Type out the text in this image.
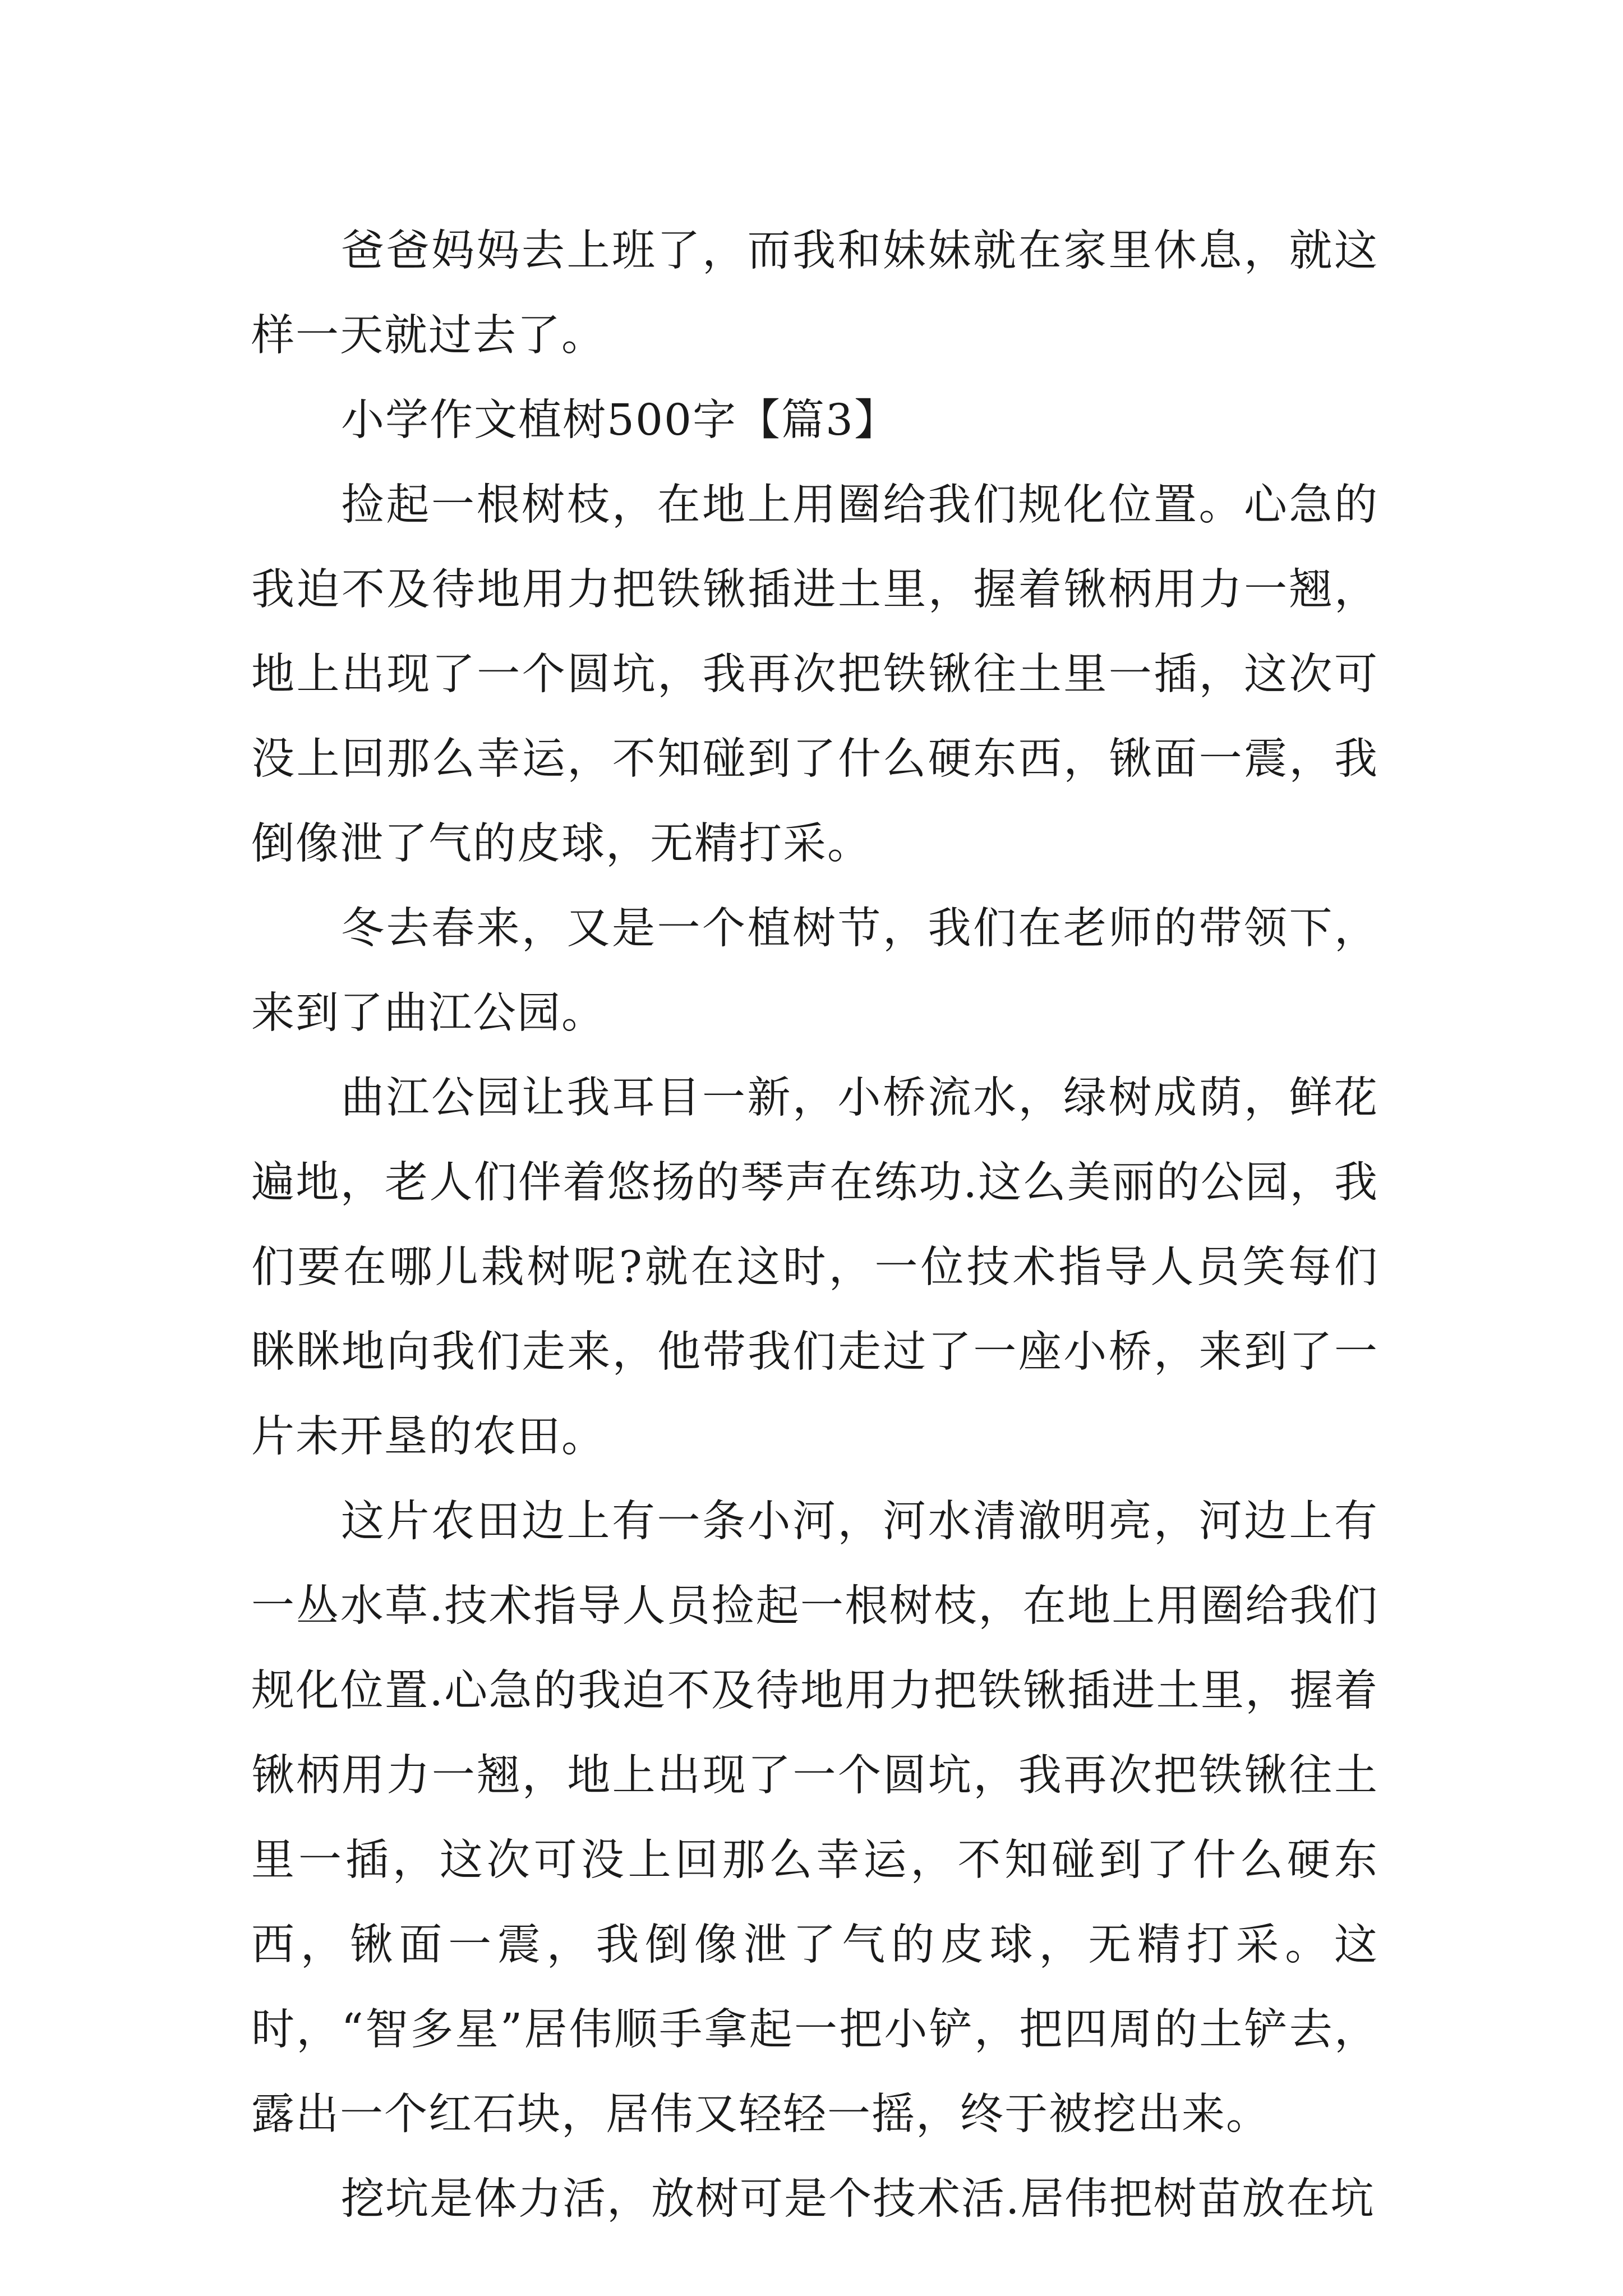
爸爸妈妈去上班了，而我和妹妹就在家里休息，就这样一天就过去了。

小学作文植树500字【篇3】

捡起一根树枝，在地上用圈给我们规化位置。心急的我迫不及待地用力把铁锹插进土里，握着锹柄用力一翘，地上出现了一个圆坑，我再次把铁锹往土里一插，这次可没上回那么幸运，不知碰到了什么硬东西，锹面一震，我倒像泄了气的皮球，无精打采。

冬去春来，又是一个植树节，我们在老师的带领下，来到了曲江公园。

曲江公园让我耳目一新，小桥流水，绿树成荫，鲜花遍地，老人们伴着悠扬的琴声在练功.这么美丽的公园，我们要在哪儿栽树呢?就在这时，一位技术指导人员笑每们眯眯地向我们走来，他带我们走过了一座小桥，来到了一片未开垦的农田。

这片农田边上有一条小河，河水清澈明亮，河边上有一丛水草.技术指导人员捡起一根树枝，在地上用圈给我们规化位置.心急的我迫不及待地用力把铁锹插进土里，握着锹柄用力一翘，地上出现了一个圆坑，我再次把铁锹往土里一插，这次可没上回那么幸运，不知碰到了什么硬东西，锹面一震，我倒像泄了气的皮球，无精打采。这时，“智多星”居伟顺手拿起一把小铲，把四周的土铲去，露出一个红石块，居伟又轻轻一摇，终于被挖出来。

挖坑是体力活，放树可是个技术活.居伟把树苗放在坑
